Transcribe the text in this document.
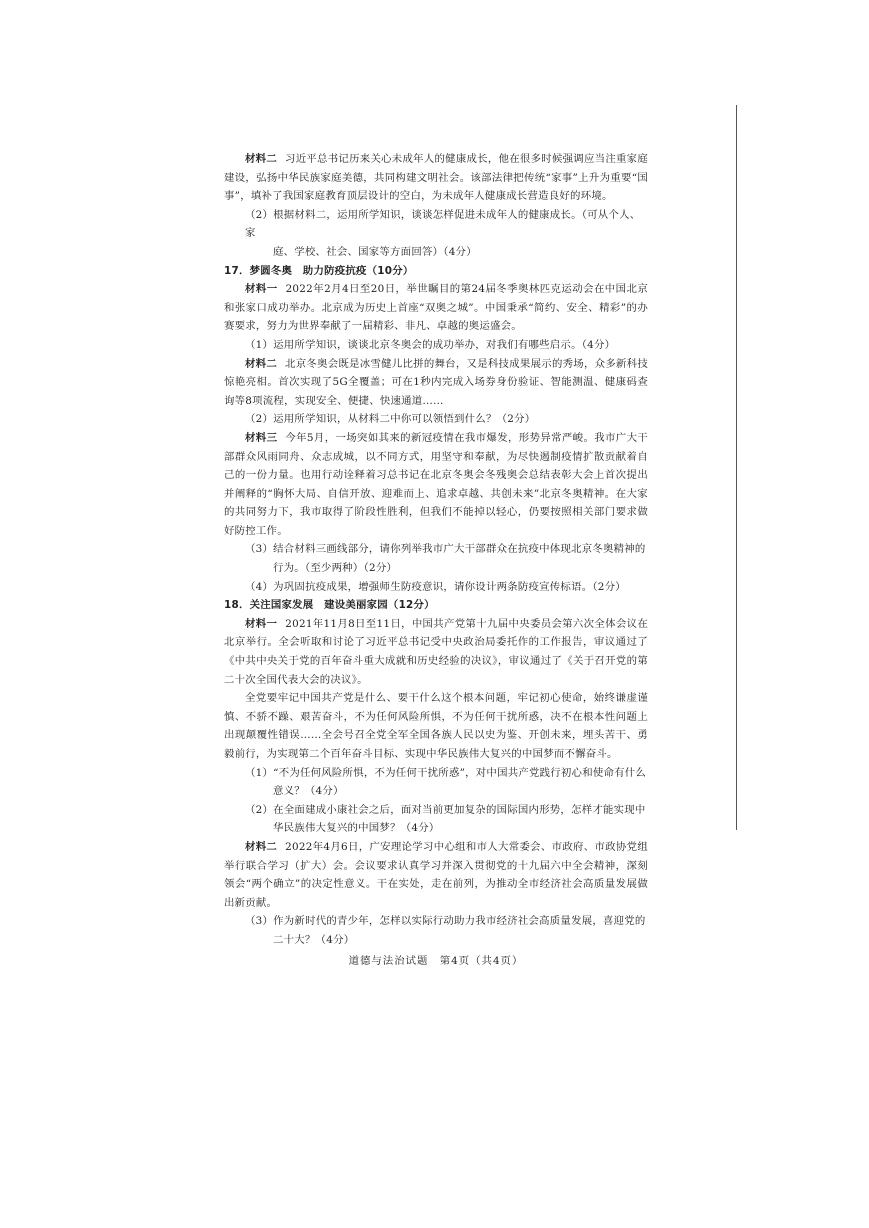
材料二 习近平总书记历来关心未成年人的健康成长，他在很多时候强调应当注重家庭建设，弘扬中华民族家庭美德，共同构建文明社会。该部法律把传统“家事”上升为重要“国事”，填补了我国家庭教育顶层设计的空白，为未成年人健康成长营造良好的环境。

（2）根据材料二，运用所学知识，谈谈怎样促进未成年人的健康成长。（可从个人、家

庭、学校、社会、国家等方面回答）（4分）

17．梦圆冬奥　助力防疫抗疫（10分）

材料一 2022年2月4日至20日，举世瞩目的第24届冬季奥林匹克运动会在中国北京和张家口成功举办。北京成为历史上首座“双奥之城”。中国秉承“简约、安全、精彩”的办赛要求，努力为世界奉献了一届精彩、非凡、卓越的奥运盛会。

（1）运用所学知识，谈谈北京冬奥会的成功举办，对我们有哪些启示。（4分）

材料二 北京冬奥会既是冰雪健儿比拼的舞台，又是科技成果展示的秀场，众多新科技惊艳亮相。首次实现了5G全覆盖；可在1秒内完成入场券身份验证、智能测温、健康码查询等8项流程，实现安全、便捷、快速通道……

（2）运用所学知识，从材料二中你可以领悟到什么？（2分）

材料三 今年5月，一场突如其来的新冠疫情在我市爆发，形势异常严峻。我市广大干部群众风雨同舟、众志成城，以不同方式，用坚守和奉献，为尽快遏制疫情扩散贡献着自己的一份力量。也用行动诠释着习总书记在北京冬奥会冬残奥会总结表彰大会上首次提出并阐释的“胸怀大局、自信开放、迎难而上、追求卓越、共创未来”北京冬奥精神。在大家的共同努力下，我市取得了阶段性胜利，但我们不能掉以轻心，仍要按照相关部门要求做好防控工作。

（3）结合材料三画线部分，请你列举我市广大干部群众在抗疫中体现北京冬奥精神的

行为。（至少两种）（2分）

（4）为巩固抗疫成果，增强师生防疫意识，请你设计两条防疫宣传标语。（2分）

18．关注国家发展　建设美丽家园（12分）

材料一 2021年11月8日至11日，中国共产党第十九届中央委员会第六次全体会议在北京举行。全会听取和讨论了习近平总书记受中央政治局委托作的工作报告，审议通过了《中共中央关于党的百年奋斗重大成就和历史经验的决议》，审议通过了《关于召开党的第二十次全国代表大会的决议》。

全党要牢记中国共产党是什么、要干什么这个根本问题，牢记初心使命，始终谦虚谨慎、不骄不躁、艰苦奋斗，不为任何风险所惧，不为任何干扰所惑，决不在根本性问题上出现颠覆性错误……全会号召全党全军全国各族人民以史为鉴、开创未来，埋头苦干、勇毅前行，为实现第二个百年奋斗目标、实现中华民族伟大复兴的中国梦而不懈奋斗。

（1）“不为任何风险所惧，不为任何干扰所惑”，对中国共产党践行初心和使命有什么

意义？（4分）

（2）在全面建成小康社会之后，面对当前更加复杂的国际国内形势，怎样才能实现中

华民族伟大复兴的中国梦？（4分）

材料二 2022年4月6日，广安理论学习中心组和市人大常委会、市政府、市政协党组举行联合学习（扩大）会。会议要求认真学习并深入贯彻党的十九届六中全会精神，深刻领会“两个确立”的决定性意义。干在实处，走在前列，为推动全市经济社会高质量发展做出新贡献。

（3）作为新时代的青少年，怎样以实际行动助力我市经济社会高质量发展，喜迎党的

二十大？（4分）

道德与法治试题　第4页（共4页）
